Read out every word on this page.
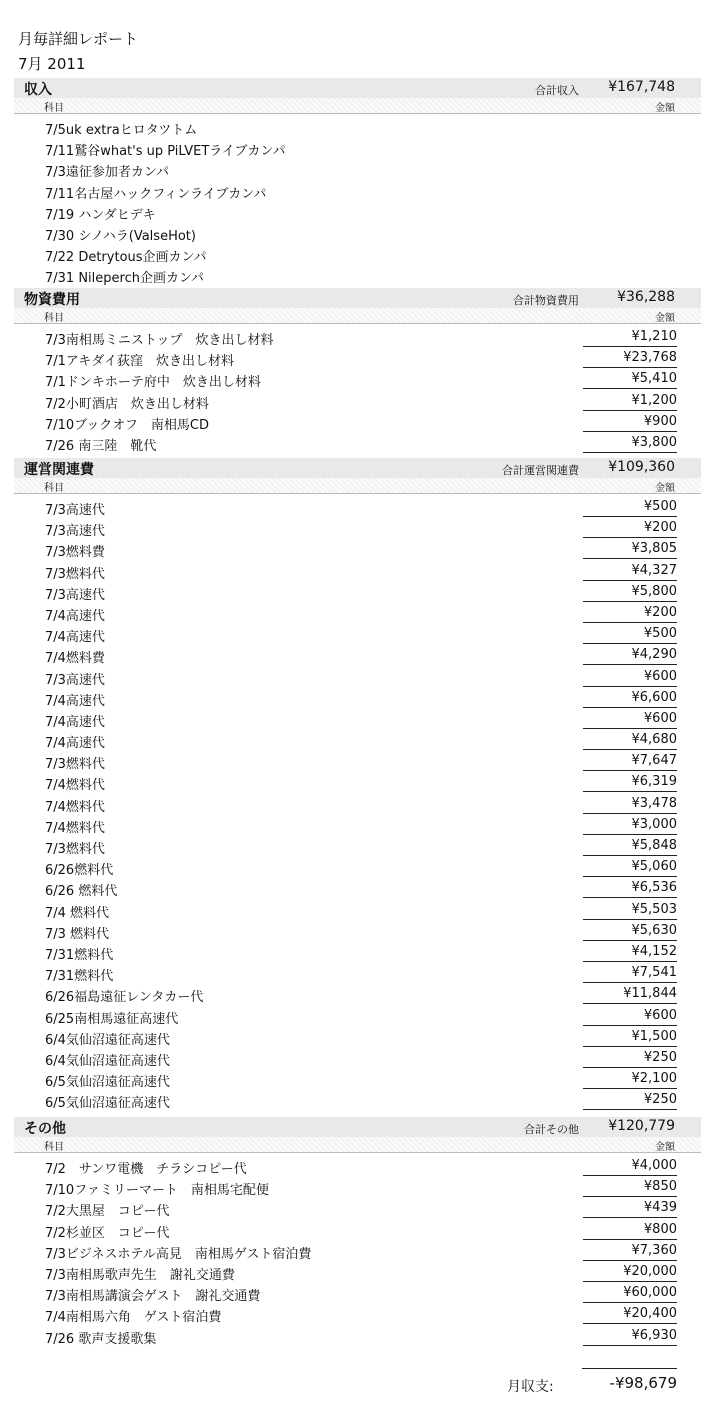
月毎詳細レポート
7月 2011
収入	合計収入 ¥167,748
科目	金額
7/5uk extraヒロタツトム
7/11鷲谷what's up PiLVETライブカンパ
7/3遠征参加者カンパ
7/11名古屋ハックフィンライブカンパ
7/19 ハンダヒデキ
7/30 シノハラ(ValseHot)
7/22 Detrytous企画カンパ
7/31 Nileperch企画カンパ
物資費用	合計物資費用	¥36,288
科目	金額
7/3南相馬ミニストップ　炊き出し材料	¥1,210
7/1アキダイ荻窪　炊き出し材料	¥23,768
7/1ドンキホーテ府中　炊き出し材料	¥5,410
7/2小町酒店　炊き出し材料	¥1,200
7/10ブックオフ　南相馬CD	¥900
7/26 南三陸　靴代	¥3,800
運営関連費	合計運営関連費 ¥109,360
科目	金額
7/3高速代	¥500
7/3高速代	¥200
7/3燃料費	¥3,805
7/3燃料代	¥4,327
7/3高速代	¥5,800
7/4高速代	¥200
7/4高速代	¥500
7/4燃料費	¥4,290
7/3高速代	¥600
7/4高速代	¥6,600
7/4高速代	¥600
7/4高速代	¥4,680
7/3燃料代	¥7,647
7/4燃料代	¥6,319
7/4燃料代	¥3,478
7/4燃料代	¥3,000
7/3燃料代	¥5,848
6/26燃料代	¥5,060
6/26 燃料代	¥6,536
7/4 燃料代	¥5,503
7/3 燃料代	¥5,630
7/31燃料代	¥4,152
7/31燃料代	¥7,541
6/26福島遠征レンタカー代	¥11,844
6/25南相馬遠征高速代	¥600
6/4気仙沼遠征高速代	¥1,500
6/4気仙沼遠征高速代	¥250
6/5気仙沼遠征高速代	¥2,100
6/5気仙沼遠征高速代	¥250
その他	合計その他 ¥120,779
科目	金額
7/2　サンワ電機　チラシコピー代	¥4,000
7/10ファミリーマート　南相馬宅配便	¥850
7/2大黒屋　コピー代	¥439
7/2杉並区　コピー代	¥800
7/3ビジネスホテル高見　南相馬ゲスト宿泊費	¥7,360
7/3南相馬歌声先生　謝礼交通費	¥20,000
7/3南相馬講演会ゲスト　謝礼交通費	¥60,000
7/4南相馬六角　ゲスト宿泊費	¥20,400
7/26 歌声支援歌集	¥6,930
月収支:	-¥98,679
